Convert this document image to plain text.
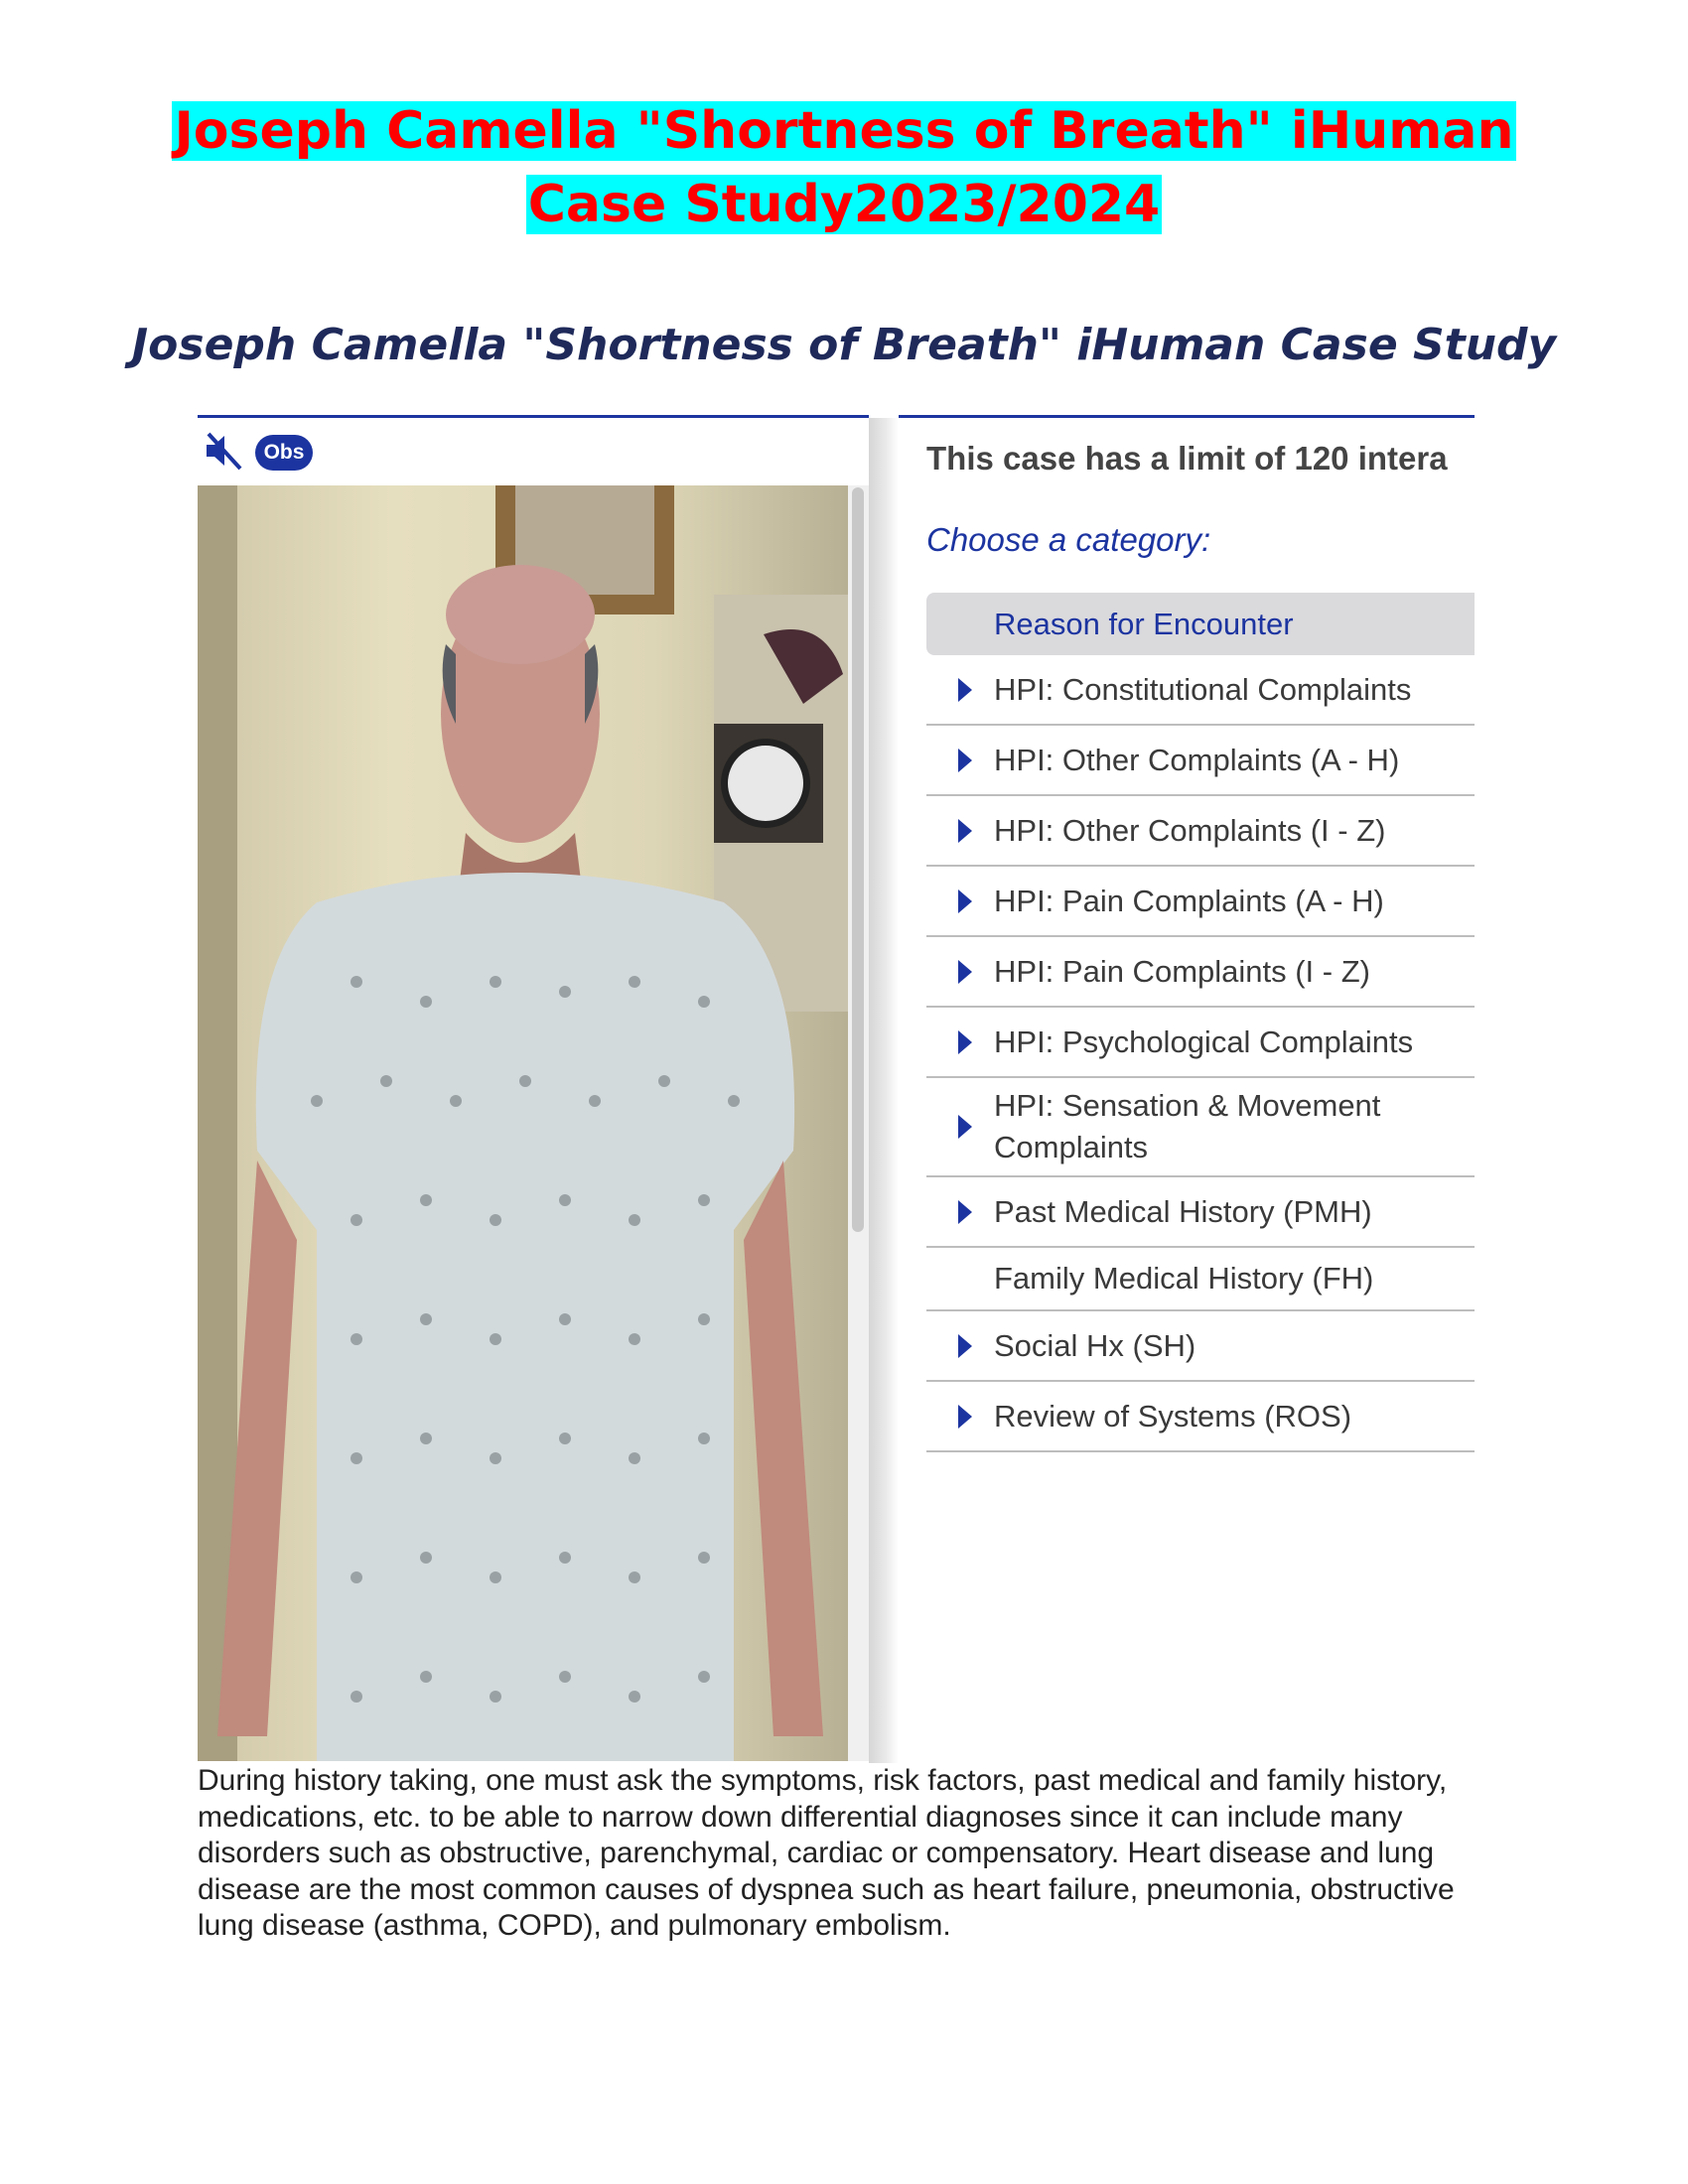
Joseph Camella "Shortness of Breath" iHuman
Case Study2023/2024
Joseph Camella "Shortness of Breath" iHuman Case Study
Obs	This case has a limit of 120 intera
Choose a category:
Reason for Encounter
HPI: Constitutional Complaints
HPI: Other Complaints (A - H)
HPI: Other Complaints (I - Z)
HPI: Pain Complaints (A - H)
HPI: Pain Complaints (I - Z)
HPI: Psychological Complaints
HPI: Sensation & Movement Complaints
Past Medical History (PMH)
Family Medical History (FH)
Social Hx (SH)
Review of Systems (ROS)
During history taking, one must ask the symptoms, risk factors, past medical and family history, medications, etc. to be able to narrow down differential diagnoses since it can include many disorders such as obstructive, parenchymal, cardiac or compensatory. Heart disease and lung disease are the most common causes of dyspnea such as heart failure, pneumonia, obstructive lung disease (asthma, COPD), and pulmonary embolism.
